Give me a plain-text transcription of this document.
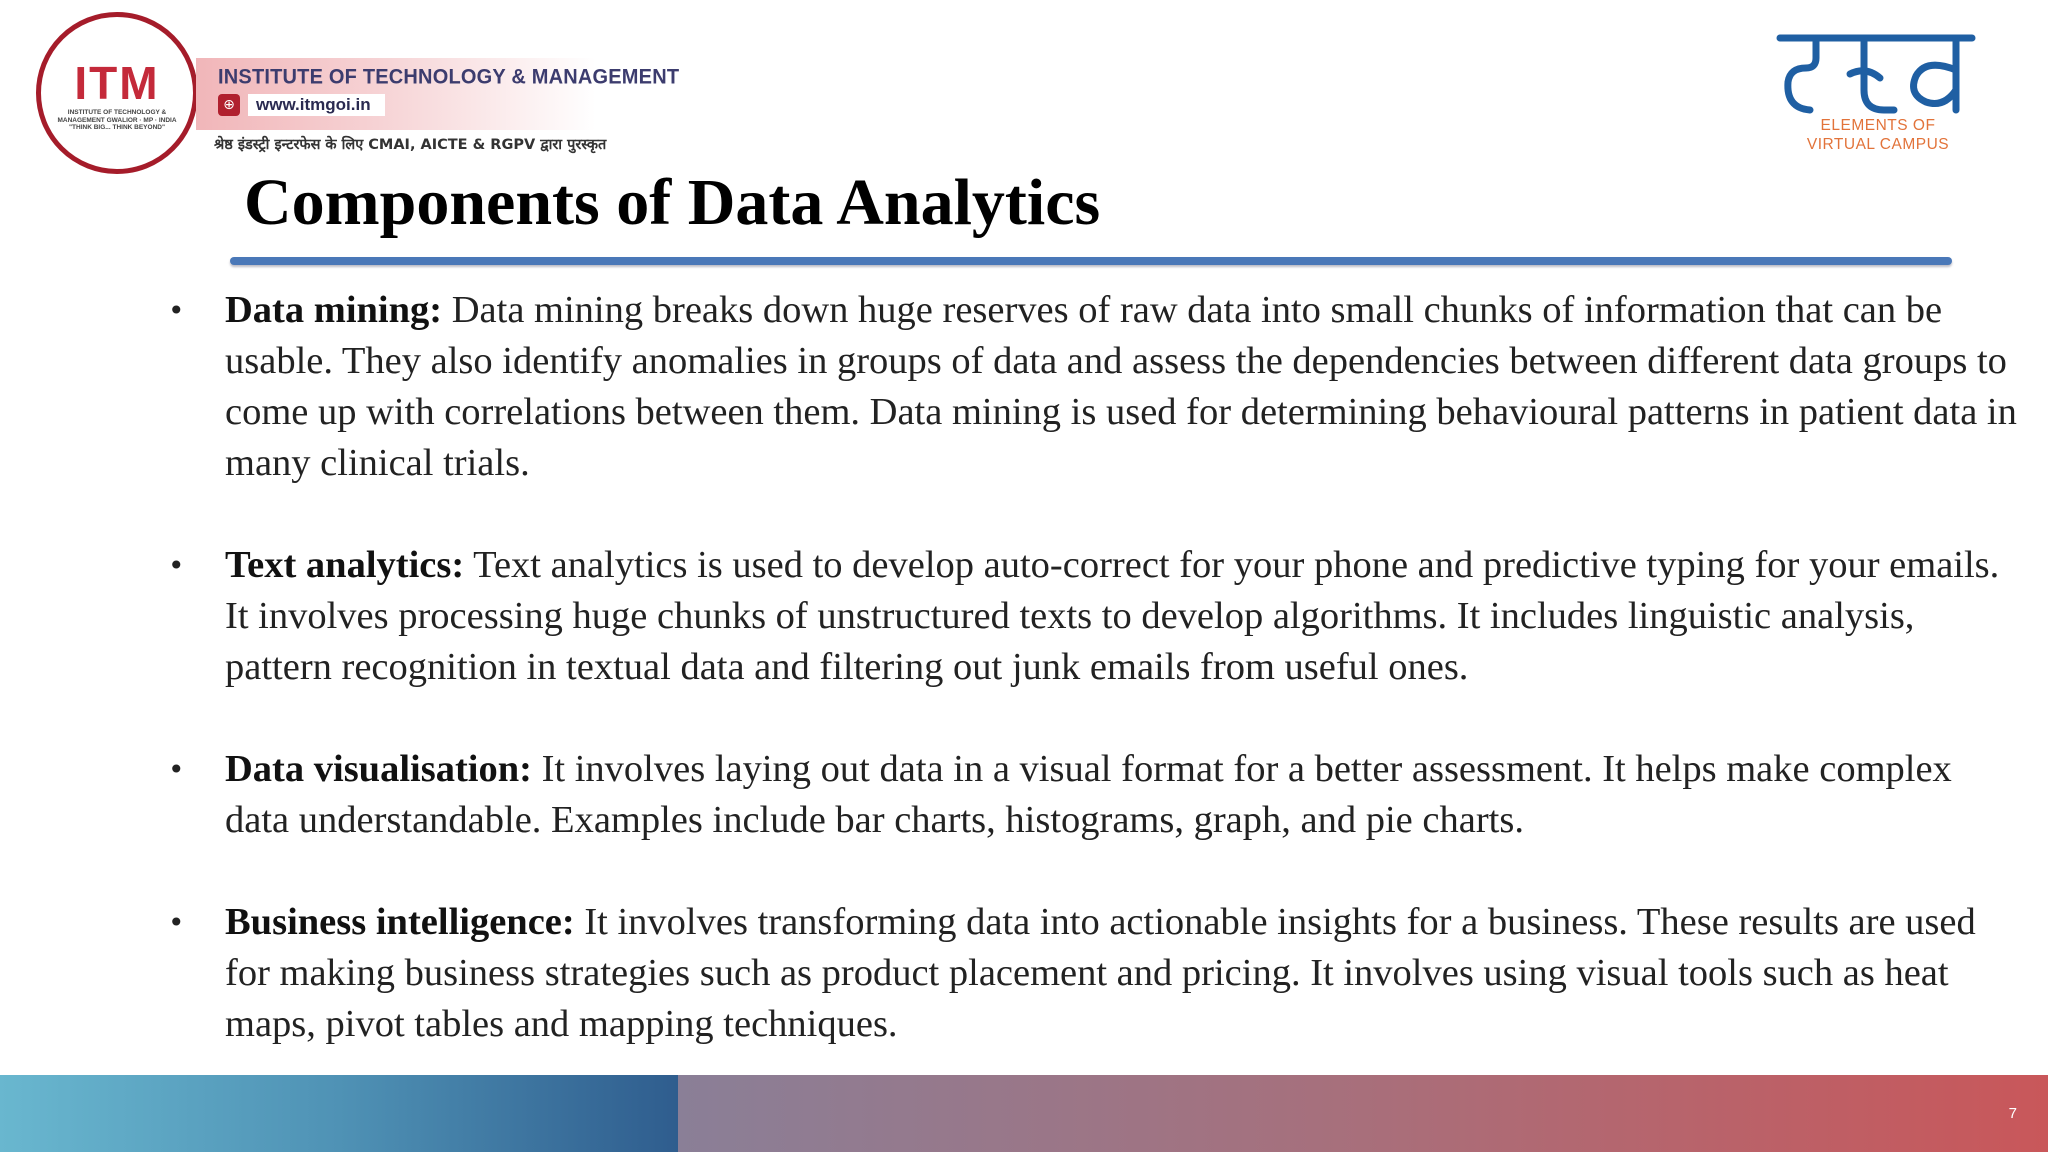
ITM
INSTITUTE OF TECHNOLOGY & MANAGEMENT GWALIOR · MP · INDIA "THINK BIG... THINK BEYOND"
INSTITUTE OF TECHNOLOGY & MANAGEMENT
⊕	www.itmgoi.in
श्रेष्ठ इंडस्ट्री इन्टरफेस के लिए CMAI, AICTE & RGPV द्वारा पुरस्कृत
ELEMENTS OF
VIRTUAL CAMPUS
Components of Data Analytics
• Data mining: Data mining breaks down huge reserves of raw data into small chunks of information that can be usable. They also identify anomalies in groups of data and assess the dependencies between different data groups to come up with correlations between them. Data mining is used for determining behavioural patterns in patient data in many clinical trials.
• Text analytics: Text analytics is used to develop auto-correct for your phone and predictive typing for your emails. It involves processing huge chunks of unstructured texts to develop algorithms. It includes linguistic analysis, pattern recognition in textual data and filtering out junk emails from useful ones.
• Data visualisation: It involves laying out data in a visual format for a better assessment. It helps make complex data understandable. Examples include bar charts, histograms, graph, and pie charts.
• Business intelligence: It involves transforming data into actionable insights for a business. These results are used for making business strategies such as product placement and pricing. It involves using visual tools such as heat maps, pivot tables and mapping techniques.
7
